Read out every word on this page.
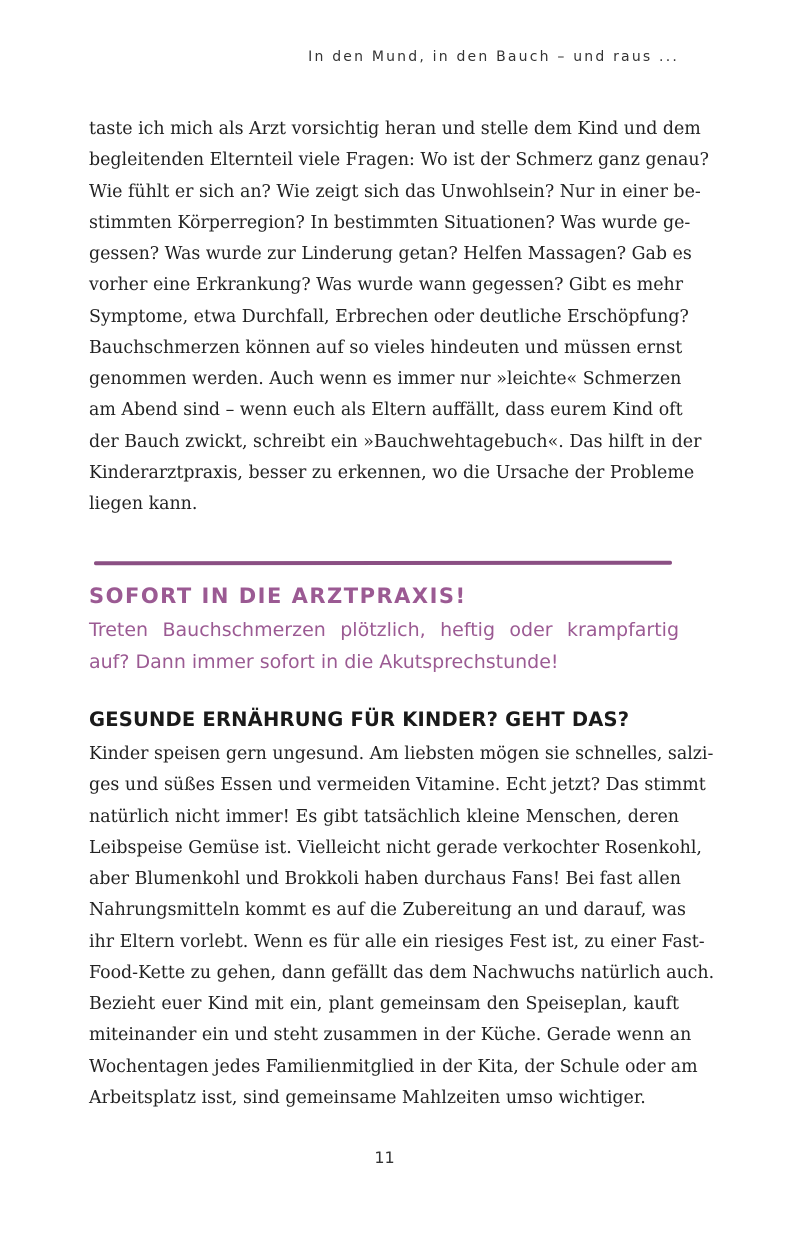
In den Mund, in den Bauch – und raus ...
taste ich mich als Arzt vorsichtig heran und stelle dem Kind und dem
begleitenden Elternteil viele Fragen: Wo ist der Schmerz ganz genau?
Wie fühlt er sich an? Wie zeigt sich das Unwohlsein? Nur in einer be-
stimmten Körperregion? In bestimmten Situationen? Was wurde ge-
gessen? Was wurde zur Linderung getan? Helfen Massagen? Gab es
vorher eine Erkrankung? Was wurde wann gegessen? Gibt es mehr
Symptome, etwa Durchfall, Erbrechen oder deutliche Erschöpfung?
Bauchschmerzen können auf so vieles hindeuten und müssen ernst
genommen werden. Auch wenn es immer nur »leichte« Schmerzen
am Abend sind – wenn euch als Eltern auffällt, dass eurem Kind oft
der Bauch zwickt, schreibt ein »Bauchwehtagebuch«. Das hilft in der
Kinderarztpraxis, besser zu erkennen, wo die Ursache der Probleme
liegen kann.
SOFORT IN DIE ARZTPRAXIS!
Treten Bauchschmerzen plötzlich, heftig oder krampfartig
auf? Dann immer sofort in die Akutsprechstunde!
GESUNDE ERNÄHRUNG FÜR KINDER? GEHT DAS?
Kinder speisen gern ungesund. Am liebsten mögen sie schnelles, salzi-
ges und süßes Essen und vermeiden Vitamine. Echt jetzt? Das stimmt
natürlich nicht immer! Es gibt tatsächlich kleine Menschen, deren
Leibspeise Gemüse ist. Vielleicht nicht gerade verkochter Rosenkohl,
aber Blumenkohl und Brokkoli haben durchaus Fans! Bei fast allen
Nahrungsmitteln kommt es auf die Zubereitung an und darauf, was
ihr Eltern vorlebt. Wenn es für alle ein riesiges Fest ist, zu einer Fast-
Food-Kette zu gehen, dann gefällt das dem Nachwuchs natürlich auch.
Bezieht euer Kind mit ein, plant gemeinsam den Speiseplan, kauft
miteinander ein und steht zusammen in der Küche. Gerade wenn an
Wochentagen jedes Familienmitglied in der Kita, der Schule oder am
Arbeitsplatz isst, sind gemeinsame Mahlzeiten umso wichtiger.
11
